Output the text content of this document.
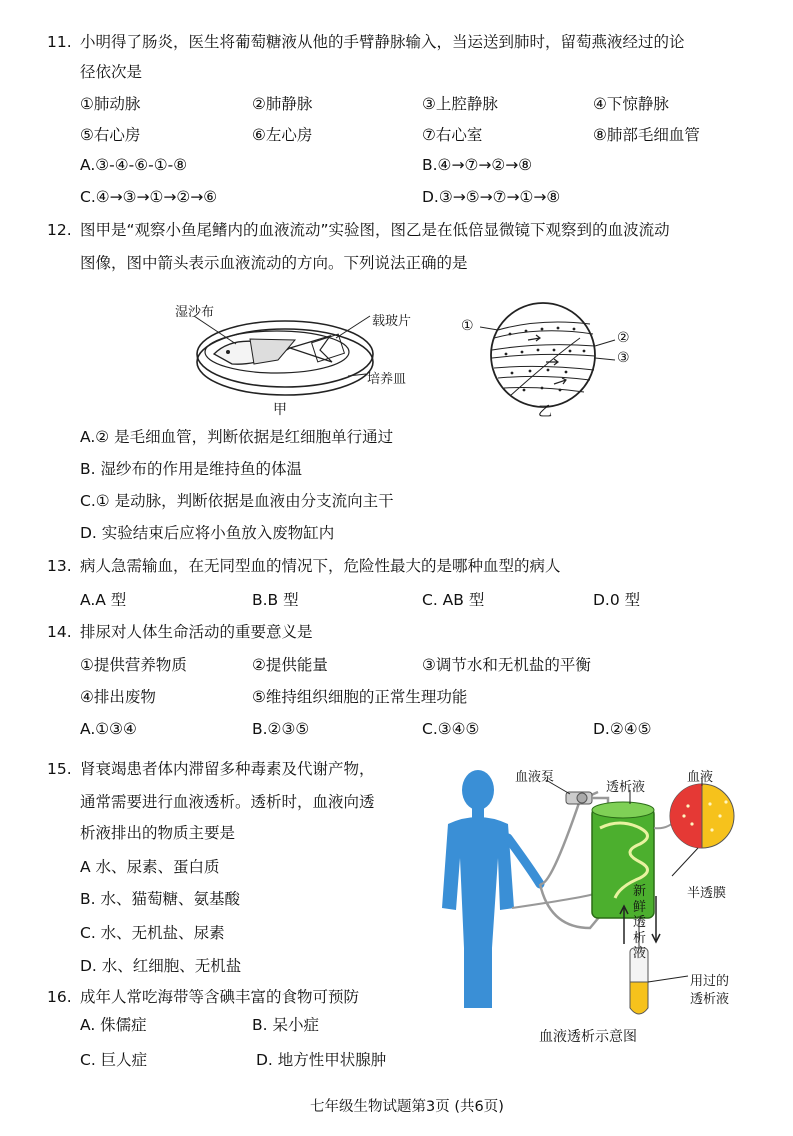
11. 小明得了肠炎，医生将葡萄糖液从他的手臂静脉输入，当运送到肺时，留萄燕液经过的论
径依次是
①肺动脉	②肺静脉	③上腔静脉	④下惊静脉
⑤右心房	⑥左心房	⑦右心室	⑧肺部毛细血管
A.③-④-⑥-①-⑧	B.④→⑦→②→⑧
C.④→③→①→②→⑥	D.③→⑤→⑦→①→⑧
12. 图甲是“观察小鱼尾鳍内的血液流动”实验图，图乙是在低倍显微镜下观察到的血波流动
图像，图中箭头表示血液流动的方向。下列说法正确的是
湿沙布
载玻片
培养皿
甲
①
②
③
乙
A.② 是毛细血管，判断依据是红细胞单行通过
B. 湿纱布的作用是维持鱼的体温
C.① 是动脉，判断依据是血液由分支流向主干
D. 实验结束后应将小鱼放入废物缸内
13. 病人急需输血，在无同型血的情况下，危险性最大的是哪种血型的病人
A.A 型	B.B 型	C. AB 型	D.0 型
14. 排尿对人体生命活动的重要意义是
①提供营养物质	②提供能量	③调节水和无机盐的平衡
④排出废物	⑤维持组织细胞的正常生理功能
A.①③④	B.②③⑤	C.③④⑤	D.②④⑤
15. 肾衰竭患者体内滞留多种毒素及代谢产物，
通常需要进行血液透析。透析时，血液向透
析液排出的物质主要是
A 水、尿素、蛋白质
B. 水、猫萄糖、氨基酸
C. 水、无机盐、尿素
D. 水、红细胞、无机盐
血液泵
透析液
血液
半透膜
新鲜透析液
用过的
透析液
血液透析示意图
16. 成年人常吃海带等含碘丰富的食物可预防
A. 侏儒症	B. 呆小症
C. 巨人症	D. 地方性甲状腺肿
七年级生物试题第3页 (共6页)
